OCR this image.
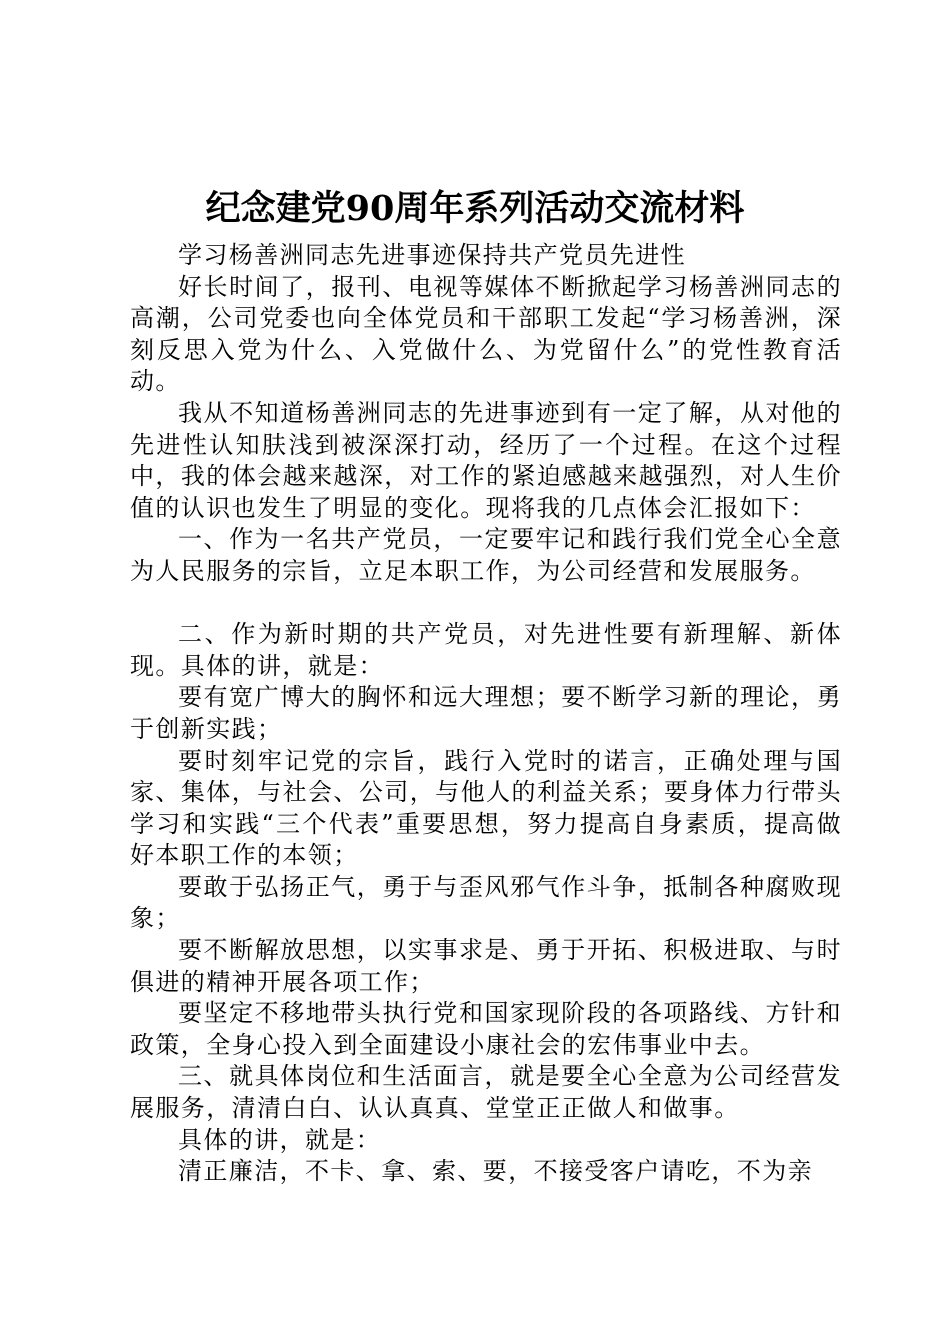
纪念建党90周年系列活动交流材料

学习杨善洲同志先进事迹保持共产党员先进性

好长时间了，报刊、电视等媒体不断掀起学习杨善洲同志的高潮，公司党委也向全体党员和干部职工发起“学习杨善洲，深刻反思入党为什么、入党做什么、为党留什么”的党性教育活动。

我从不知道杨善洲同志的先进事迹到有一定了解，从对他的先进性认知肤浅到被深深打动，经历了一个过程。在这个过程中，我的体会越来越深，对工作的紧迫感越来越强烈，对人生价值的认识也发生了明显的变化。现将我的几点体会汇报如下：

一、作为一名共产党员，一定要牢记和践行我们党全心全意为人民服务的宗旨，立足本职工作，为公司经营和发展服务。

二、作为新时期的共产党员，对先进性要有新理解、新体现。具体的讲，就是：

要有宽广博大的胸怀和远大理想；要不断学习新的理论，勇于创新实践；

要时刻牢记党的宗旨，践行入党时的诺言，正确处理与国家、集体，与社会、公司，与他人的利益关系；要身体力行带头学习和实践“三个代表”重要思想，努力提高自身素质，提高做好本职工作的本领；

要敢于弘扬正气，勇于与歪风邪气作斗争，抵制各种腐败现象；

要不断解放思想，以实事求是、勇于开拓、积极进取、与时俱进的精神开展各项工作；

要坚定不移地带头执行党和国家现阶段的各项路线、方针和政策，全身心投入到全面建设小康社会的宏伟事业中去。

三、就具体岗位和生活面言，就是要全心全意为公司经营发展服务，清清白白、认认真真、堂堂正正做人和做事。

具体的讲，就是：

清正廉洁，不卡、拿、索、要，不接受客户请吃，不为亲
